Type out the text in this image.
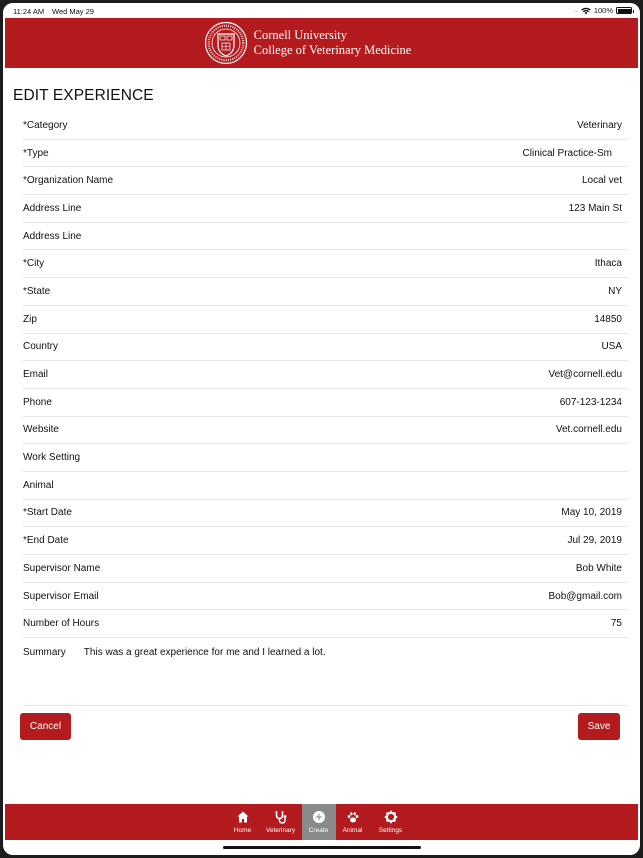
11:24 AM Wed May 29	.... 100%
Cornell University
College of Veterinary Medicine
EDIT EXPERIENCE
*Category	Veterinary
*Type	Clinical Practice-Sm
*Organization Name	Local vet
Address Line	123 Main St
Address Line
*City	Ithaca
*State	NY
Zip	14850
Country	USA
Email	Vet@cornell.edu
Phone	607-123-1234
Website	Vet.cornell.edu
Work Setting
Animal
*Start Date	May 10, 2019
*End Date	Jul 29, 2019
Supervisor Name	Bob White
Supervisor Email	Bob@gmail.com
Number of Hours	75
Summary This was a great experience for me and I learned a lot.
Cancel	Save
Home Veterinary Create Animal	Settings
